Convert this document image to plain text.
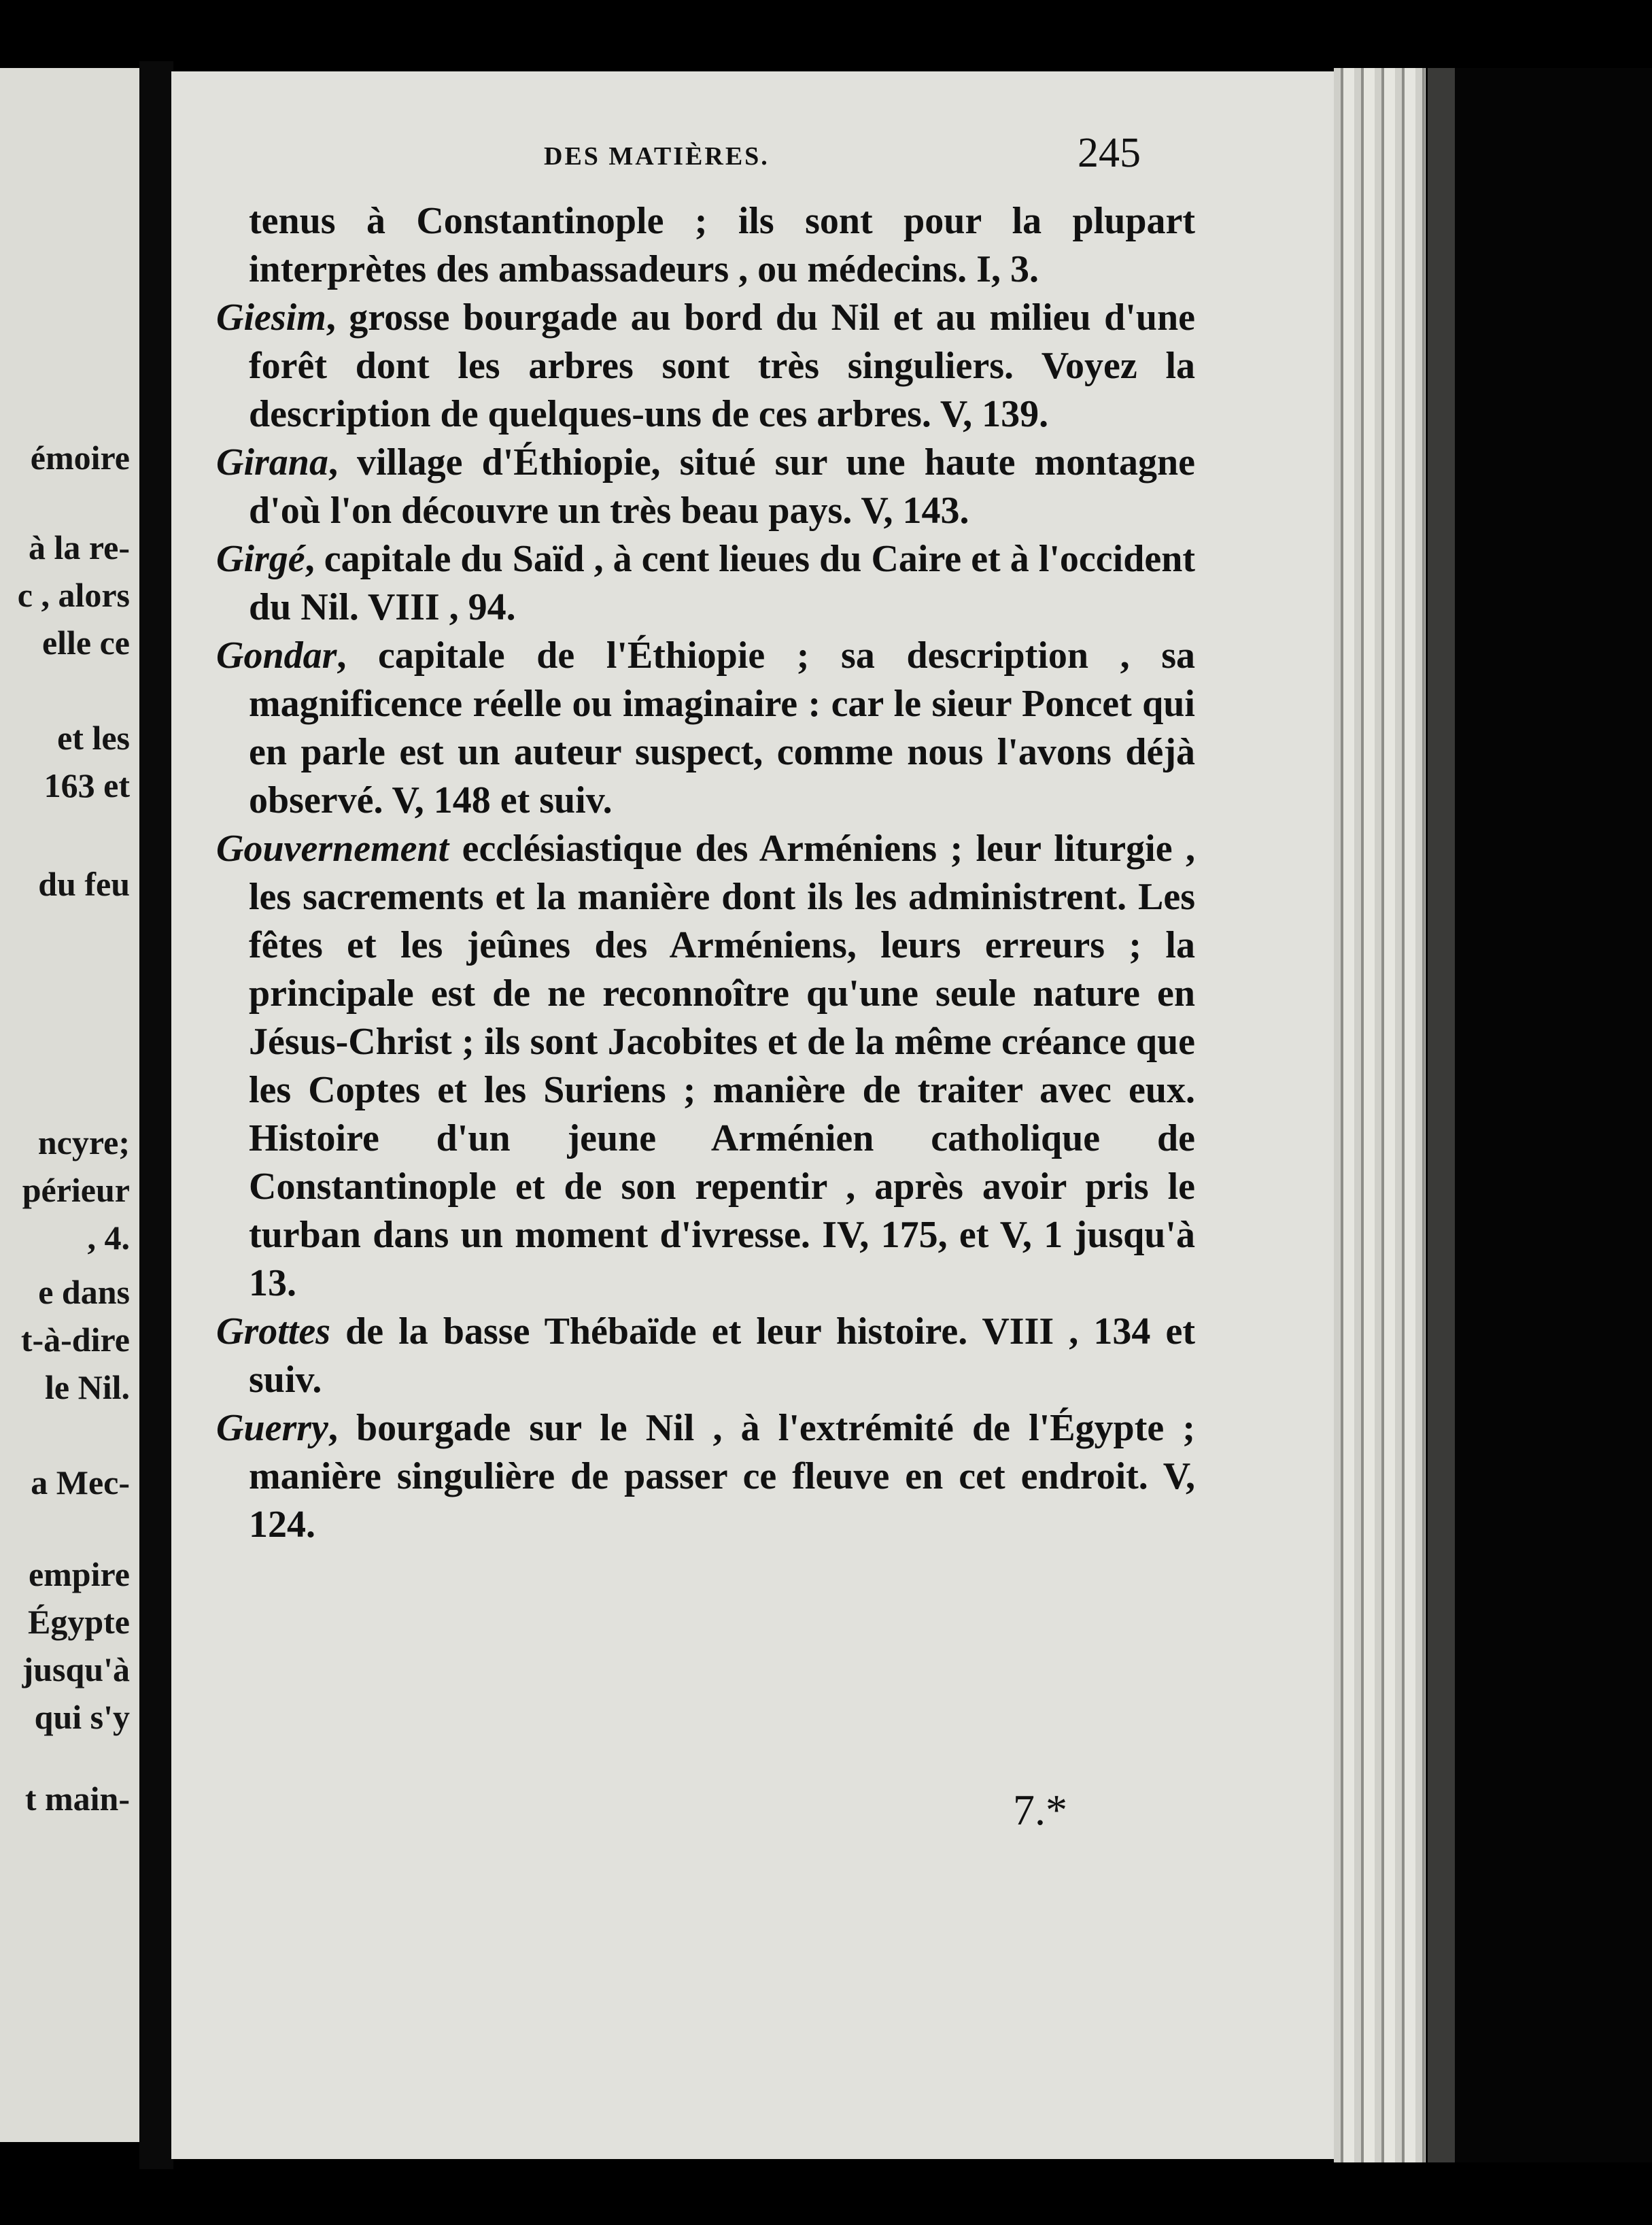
émoire
à la re-
c , alors
elle ce
et les
163 et
du feu
ncyre;
périeur
, 4.
e dans
t-à-dire
le Nil.
a Mec-
empire
Égypte
jusqu'à
qui s'y
t main-
DES MATIÈRES.	245
tenus à Constantinople ; ils sont pour la plupart interprètes des ambassadeurs , ou médecins. I, 3.
Giesim, grosse bourgade au bord du Nil et au milieu d'une forêt dont les arbres sont très singuliers. Voyez la description de quelques-uns de ces arbres. V, 139.
Girana, village d'Éthiopie, situé sur une haute montagne d'où l'on découvre un très beau pays. V, 143.
Girgé, capitale du Saïd , à cent lieues du Caire et à l'occident du Nil. VIII , 94.
Gondar, capitale de l'Éthiopie ; sa description , sa magnificence réelle ou imaginaire : car le sieur Poncet qui en parle est un auteur suspect, comme nous l'avons déjà observé. V, 148 et suiv.
Gouvernement ecclésiastique des Arméniens ; leur liturgie , les sacrements et la manière dont ils les administrent. Les fêtes et les jeûnes des Arméniens, leurs erreurs ; la principale est de ne reconnoître qu'une seule nature en Jésus-Christ ; ils sont Jacobites et de la même créance que les Coptes et les Suriens ; manière de traiter avec eux. Histoire d'un jeune Arménien catholique de Constantinople et de son repentir , après avoir pris le turban dans un moment d'ivresse. IV, 175, et V, 1 jusqu'à 13.
Grottes de la basse Thébaïde et leur histoire. VIII , 134 et suiv.
Guerry, bourgade sur le Nil , à l'extrémité de l'Égypte ; manière singulière de passer ce fleuve en cet endroit. V, 124.
7.*
